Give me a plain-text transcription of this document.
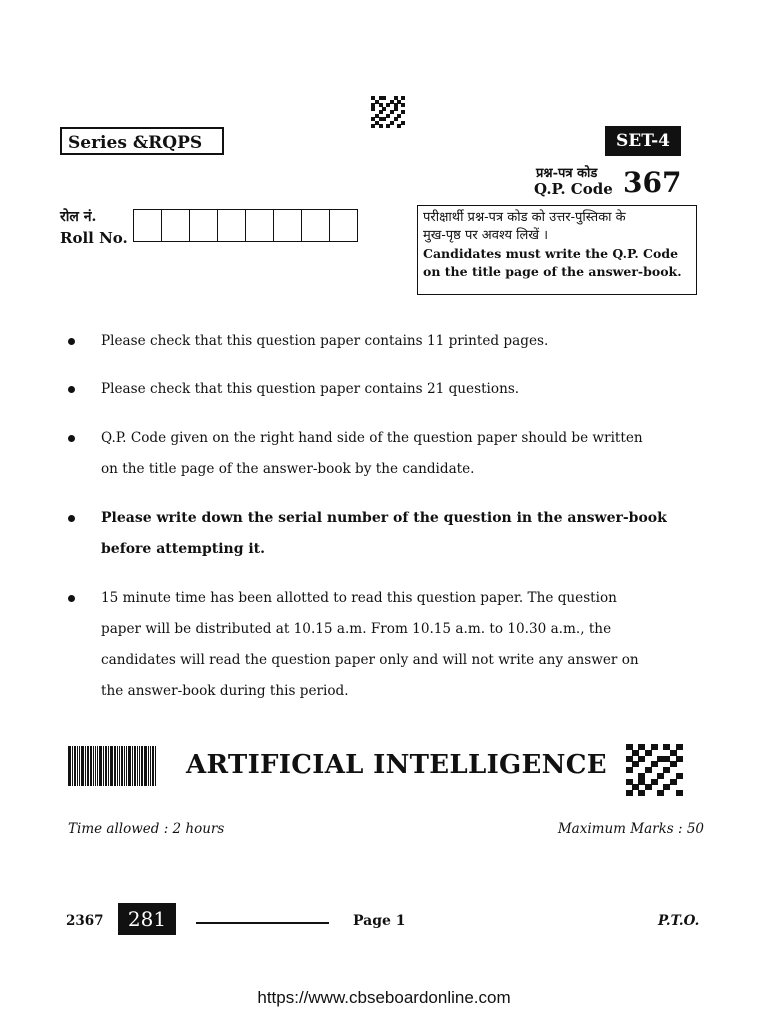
Series &RQPS	SET-4
प्रश्न-पत्र कोड
Q.P. Code 367
रोल नं.
Roll No.
परीक्षार्थी प्रश्न-पत्र कोड को उत्तर-पुस्तिका के
मुख-पृष्ठ पर अवश्य लिखें ।
Candidates must write the Q.P. Code
on the title page of the answer-book.
Please check that this question paper contains 11 printed pages.
Please check that this question paper contains 21 questions.
Q.P. Code given on the right hand side of the question paper should be written
on the title page of the answer-book by the candidate.
Please write down the serial number of the question in the answer-book
before attempting it.
15 minute time has been allotted to read this question paper. The question
paper will be distributed at 10.15 a.m. From 10.15 a.m. to 10.30 a.m., the
candidates will read the question paper only and will not write any answer on
the answer-book during this period.
ARTIFICIAL INTELLIGENCE
Time allowed : 2 hours	Maximum Marks : 50
2367	281	Page 1	P.T.O.
https://www.cbseboardonline.com
